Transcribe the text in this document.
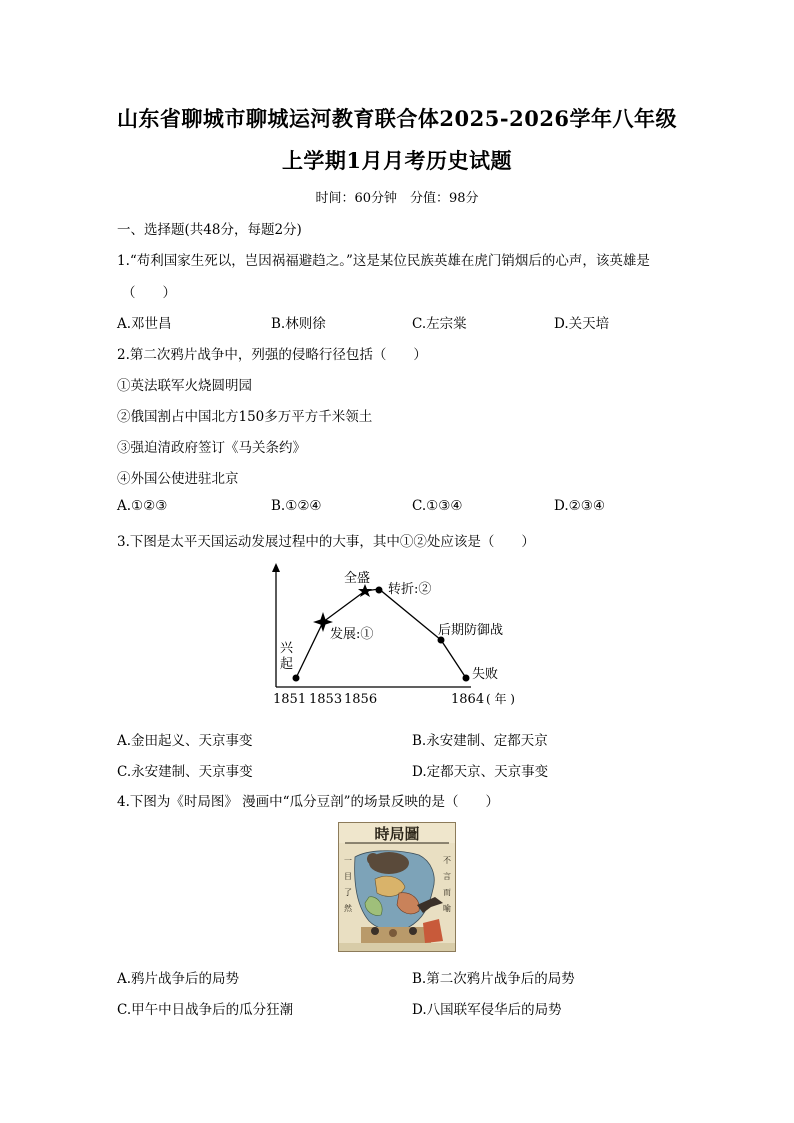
山东省聊城市聊城运河教育联合体2025-2026学年八年级
上学期1月月考历史试题
时间：60分钟　分值：98分
一、选择题(共48分，每题2分)
1.“苟利国家生死以，岂因祸福避趋之。”这是某位民族英雄在虎门销烟后的心声，该英雄是
（　　）
A.邓世昌	B.林则徐	C.左宗棠	D.关天培
2.第二次鸦片战争中，列强的侵略行径包括（　　）
①英法联军火烧圆明园
②俄国割占中国北方150多万平方千米领土
③强迫清政府签订《马关条约》
④外国公使进驻北京
A.①②③	B.①②④	C.①③④	D.②③④
3.下图是太平天国运动发展过程中的大事，其中①②处应该是（　　）
兴
起
发展:①
全盛
转折:②
后期防御战
失败
1851 1853 1856	1864 ( 年 )
A.金田起义、天京事变	B.永安建制、定都天京
C.永安建制、天京事变	D.定都天京、天京事变
4.下图为《时局图》 漫画中“瓜分豆剖”的场景反映的是（　　）
時局圖
一
目
了
然
不
言
而
喻
A.鸦片战争后的局势	B.第二次鸦片战争后的局势
C.甲午中日战争后的瓜分狂潮	D.八国联军侵华后的局势
